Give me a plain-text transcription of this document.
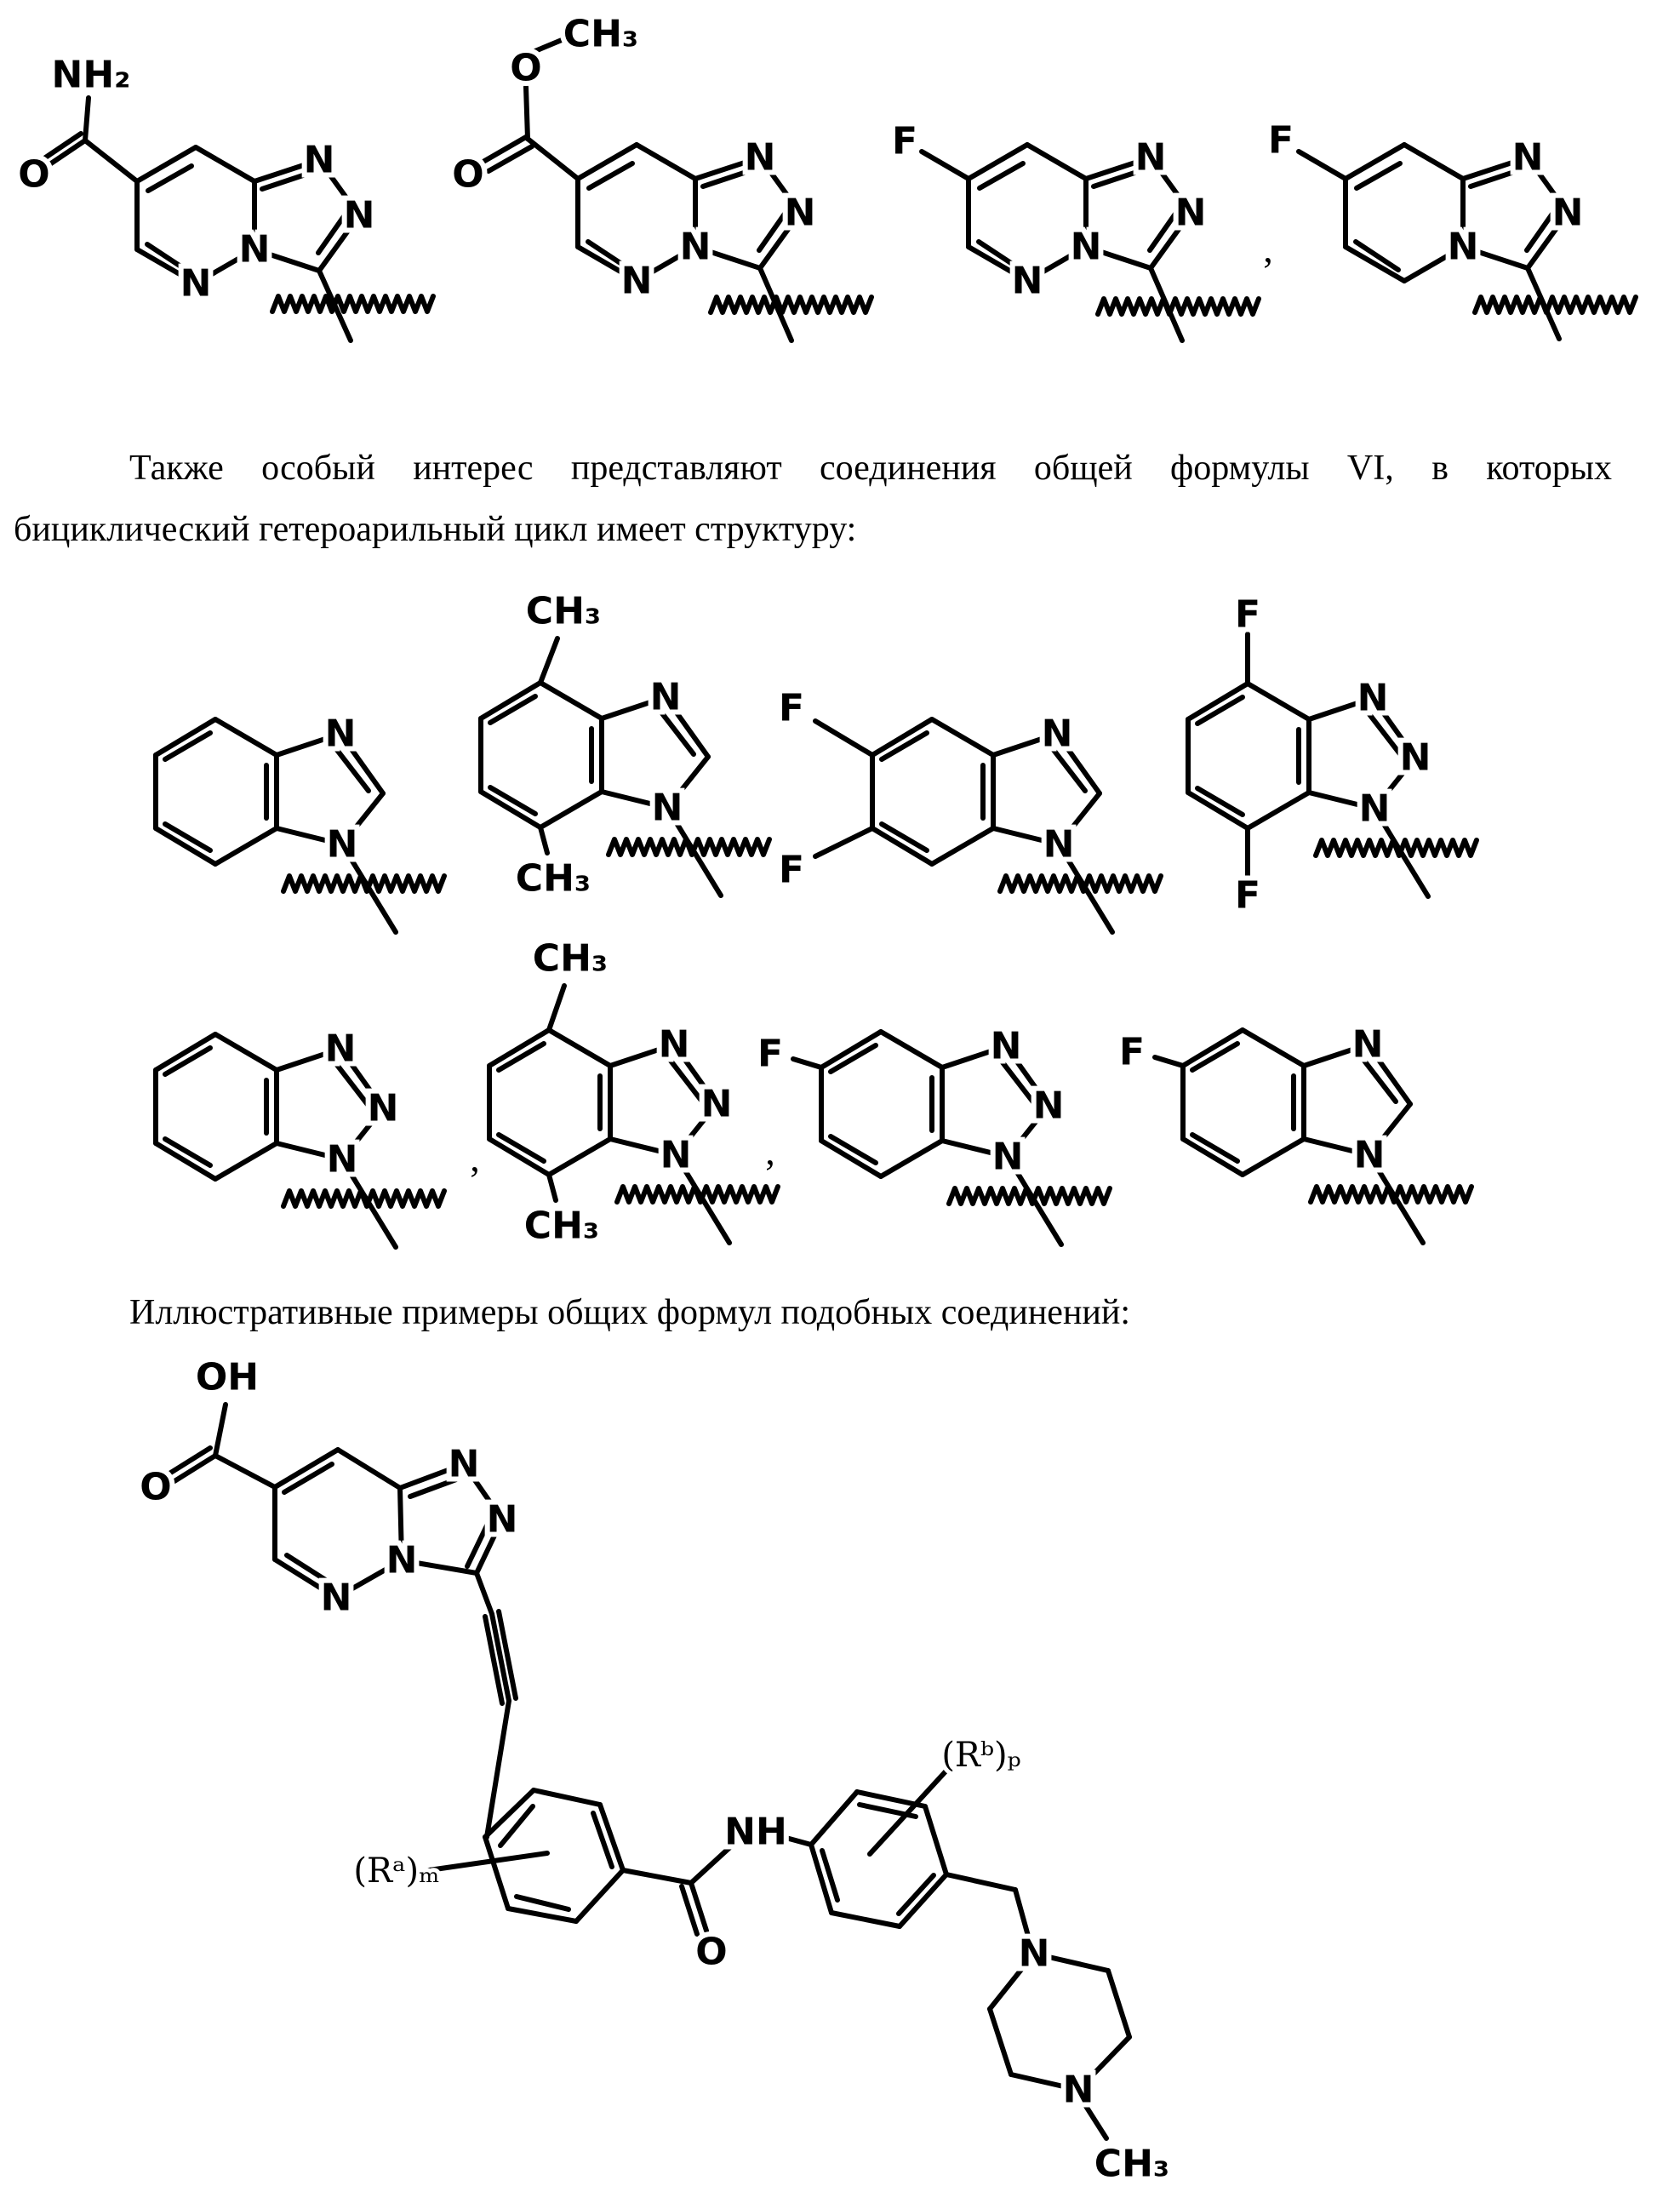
NH₂
O
N
N
N
N
CH₃
O
O
N
N
N
N
F
N
N
N
N
,
F
N
N
N
N
N
CH₃
CH₃
N
N
F
F
N
N
F
F
N
N
N
N
N
N	,
CH₃
CH₃
N
N
N ,
F	N
N
N
F	N
N
OH
O
N
N
N
N
(Rᵃ)ₘ
O
NH
(Rᵇ)ₚ
N
N
CH₃
Также особый интерес представляют соединения общей формулы VI, в которых
бициклический гетероарильный цикл имеет структуру:
Иллюстративные примеры общих формул подобных соединений:
